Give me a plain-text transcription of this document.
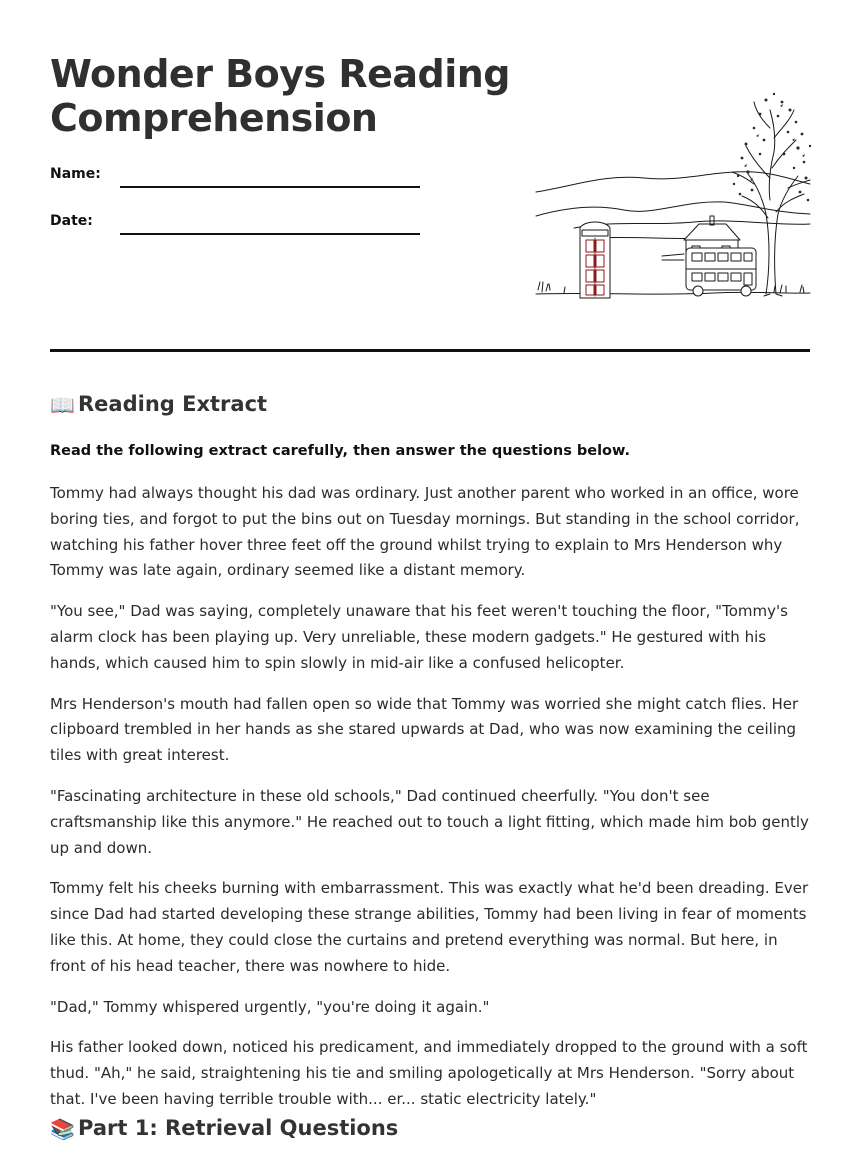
Wonder Boys Reading Comprehension
Name:
Date:
📖 Reading Extract

Read the following extract carefully, then answer the questions below.

Tommy had always thought his dad was ordinary. Just another parent who worked in an office, wore boring ties, and forgot to put the bins out on Tuesday mornings. But standing in the school corridor, watching his father hover three feet off the ground whilst trying to explain to Mrs Henderson why Tommy was late again, ordinary seemed like a distant memory.

"You see," Dad was saying, completely unaware that his feet weren't touching the floor, "Tommy's alarm clock has been playing up. Very unreliable, these modern gadgets." He gestured with his hands, which caused him to spin slowly in mid-air like a confused helicopter.

Mrs Henderson's mouth had fallen open so wide that Tommy was worried she might catch flies. Her clipboard trembled in her hands as she stared upwards at Dad, who was now examining the ceiling tiles with great interest.

"Fascinating architecture in these old schools," Dad continued cheerfully. "You don't see craftsmanship like this anymore." He reached out to touch a light fitting, which made him bob gently up and down.

Tommy felt his cheeks burning with embarrassment. This was exactly what he'd been dreading. Ever since Dad had started developing these strange abilities, Tommy had been living in fear of moments like this. At home, they could close the curtains and pretend everything was normal. But here, in front of his head teacher, there was nowhere to hide.

"Dad," Tommy whispered urgently, "you're doing it again."

His father looked down, noticed his predicament, and immediately dropped to the ground with a soft thud. "Ah," he said, straightening his tie and smiling apologetically at Mrs Henderson. "Sorry about that. I've been having terrible trouble with... er... static electricity lately."

📚 Part 1: Retrieval Questions
